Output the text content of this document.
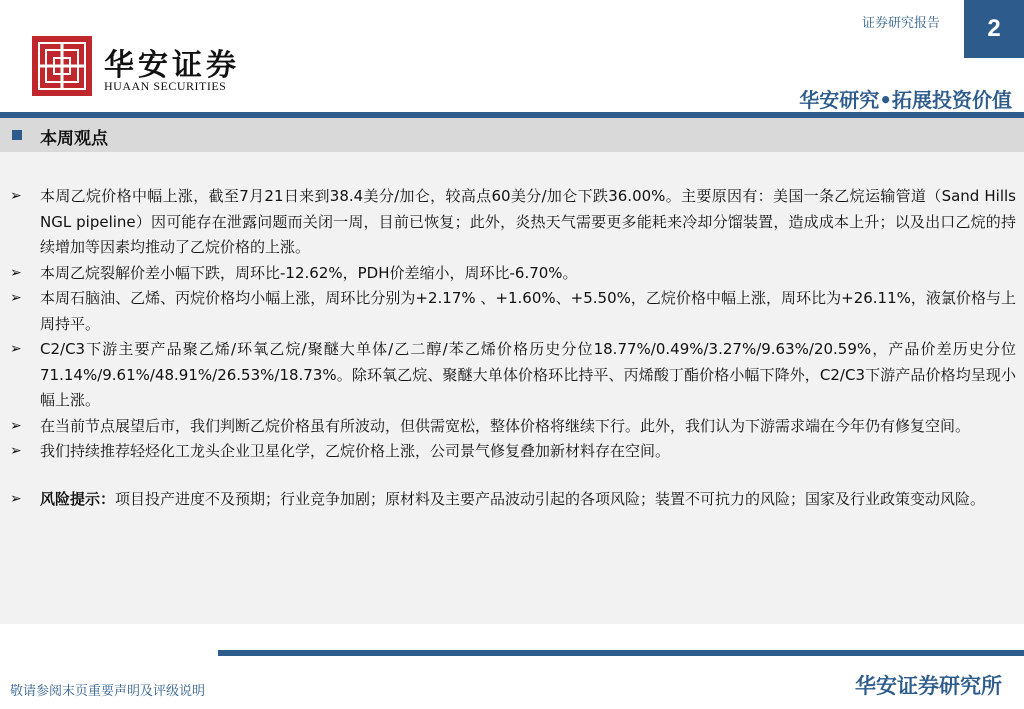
华安证券
HUAAN SECURITIES
证券研究报告	2
华安研究•拓展投资价值
本周观点
➢ 本周乙烷价格中幅上涨，截至7月21日来到38.4美分/加仑，较高点60美分/加仑下跌36.00%。主要原因有：美国一条乙烷运输管道（Sand Hills NGL pipeline）因可能存在泄露问题而关闭一周，目前已恢复；此外，炎热天气需要更多能耗来冷却分馏装置，造成成本上升；以及出口乙烷的持续增加等因素均推动了乙烷价格的上涨。
➢ 本周乙烷裂解价差小幅下跌，周环比-12.62%，PDH价差缩小，周环比-6.70%。
➢ 本周石脑油、乙烯、丙烷价格均小幅上涨，周环比分别为+2.17% 、+1.60%、+5.50%，乙烷价格中幅上涨，周环比为+26.11%，液氯价格与上周持平。
➢ C2/C3下游主要产品聚乙烯/环氧乙烷/聚醚大单体/乙二醇/苯乙烯价格历史分位18.77%/0.49%/3.27%/9.63%/20.59%，产品价差历史分位71.14%/9.61%/48.91%/26.53%/18.73%。除环氧乙烷、聚醚大单体价格环比持平、丙烯酸丁酯价格小幅下降外，C2/C3下游产品价格均呈现小幅上涨。
➢ 在当前节点展望后市，我们判断乙烷价格虽有所波动，但供需宽松，整体价格将继续下行。此外，我们认为下游需求端在今年仍有修复空间。
➢ 我们持续推荐轻烃化工龙头企业卫星化学，乙烷价格上涨，公司景气修复叠加新材料存在空间。
➢ 风险提示：项目投产进度不及预期；行业竞争加剧；原材料及主要产品波动引起的各项风险；装置不可抗力的风险；国家及行业政策变动风险。
敬请参阅末页重要声明及评级说明	华安证券研究所
